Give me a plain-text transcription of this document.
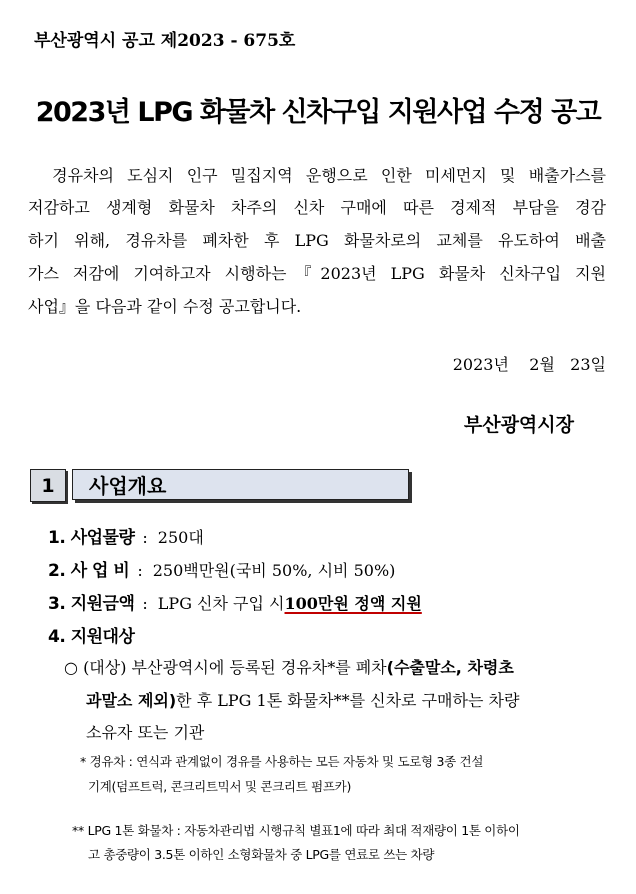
부산광역시 공고 제2023 - 675호
2023년 LPG 화물차 신차구입 지원사업 수정 공고
　경유차의 도심지 인구 밀집지역 운행으로 인한 미세먼지 및 배출가스를
저감하고 생계형 화물차 차주의 신차 구매에 따른 경제적 부담을 경감
하기 위해, 경유차를 폐차한 후 LPG 화물차로의 교체를 유도하여 배출
가스 저감에 기여하고자 시행하는『2023년 LPG 화물차 신차구입 지원
사업』을 다음과 같이 수정 공고합니다.
2023년 2월 23일
부산광역시장
1	사업개요
1. 사업물량 : 250대
2. 사 업 비 : 250백만원(국비 50%, 시비 50%)
3. 지원금액 : LPG 신차 구입 시 100만원 정액 지원
4. 지원대상
○ (대상) 부산광역시에 등록된 경유차*를 폐차(수출말소, 차령초
과말소 제외)한 후 LPG 1톤 화물차**를 신차로 구매하는 차량
소유자 또는 기관
* 경유차 : 연식과 관계없이 경유를 사용하는 모든 자동차 및 도로형 3종 건설
기계(덤프트럭, 콘크리트믹서 및 콘크리트 펌프카)
** LPG 1톤 화물차 : 자동차관리법 시행규칙 별표1에 따라 최대 적재량이 1톤 이하이
고 총중량이 3.5톤 이하인 소형화물차 중 LPG를 연료로 쓰는 차량
